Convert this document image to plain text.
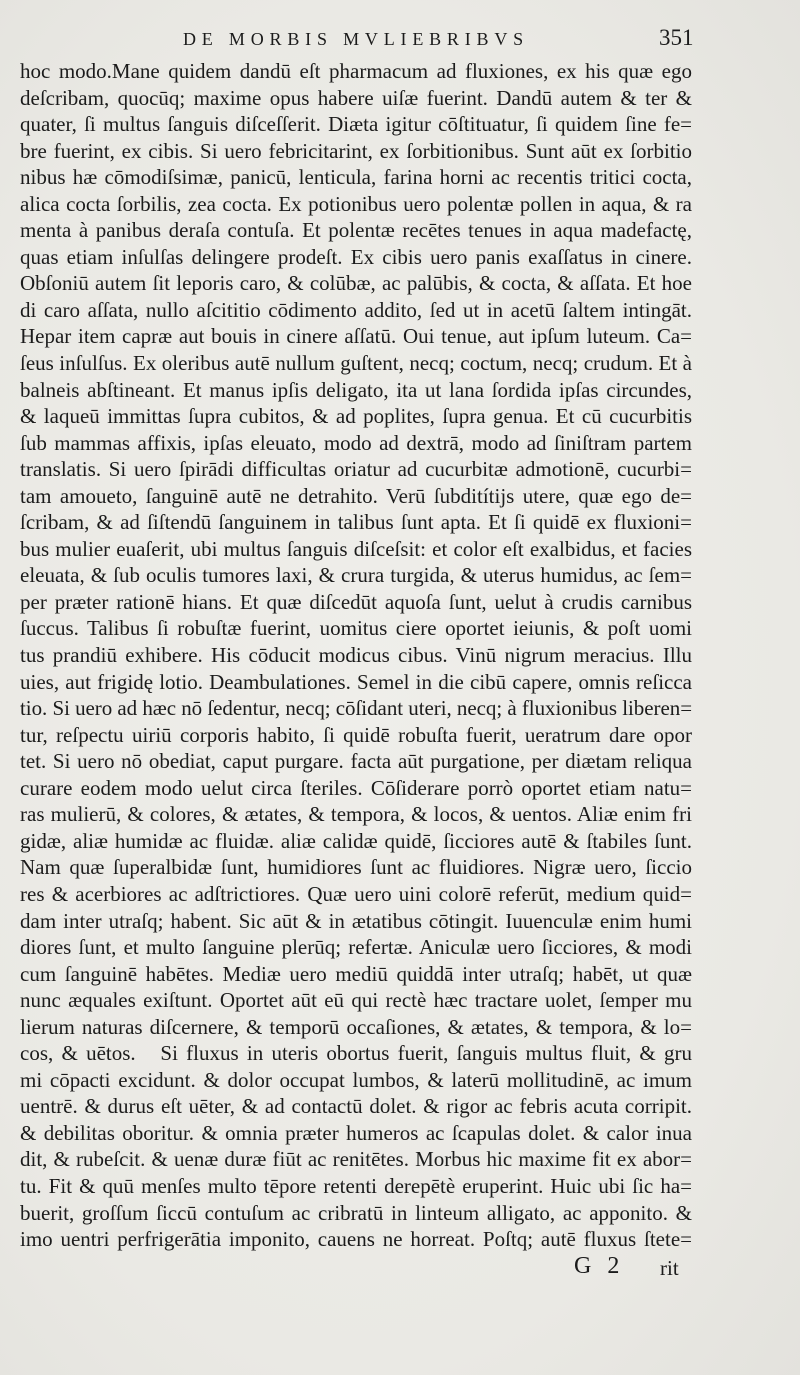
DE MORBIS MVLIEBRIBVS	351
hoc modo.Mane quidem dandū eſt pharmacum ad fluxiones, ex his quæ ego
deſcribam, quocūq; maxime opus habere uiſæ fuerint. Dandū autem & ter &
quater, ſi multus ſanguis diſceſſerit. Diæta igitur cōſtituatur, ſi quidem ſine fe=
bre fuerint, ex cibis. Si uero febricitarint, ex ſorbitionibus. Sunt aūt ex ſorbitio
nibus hæ cōmodiſsimæ, panicū, lenticula, farina horni ac recentis tritici cocta,
alica cocta ſorbilis, zea cocta. Ex potionibus uero polentæ pollen in aqua, & ra
menta à panibus deraſa contuſa. Et polentæ recētes tenues in aqua madefactę,
quas etiam inſulſas delingere prodeſt. Ex cibis uero panis exaſſatus in cinere.
Obſoniū autem ſit leporis caro, & colūbæ, ac palūbis, & cocta, & aſſata. Et hoe
di caro aſſata, nullo aſcititio cōdimento addito, ſed ut in acetū ſaltem intingāt.
Hepar item capræ aut bouis in cinere aſſatū. Oui tenue, aut ipſum luteum. Ca=
ſeus inſulſus. Ex oleribus autē nullum guſtent, necq; coctum, necq; crudum. Et à
balneis abſtineant. Et manus ipſis deligato, ita ut lana ſordida ipſas circundes,
& laqueū immittas ſupra cubitos, & ad poplites, ſupra genua. Et cū cucurbitis
ſub mammas affixis, ipſas eleuato, modo ad dextrā, modo ad ſiniſtram partem
translatis. Si uero ſpirādi difficultas oriatur ad cucurbitæ admotionē, cucurbi=
tam amoueto, ſanguinē autē ne detrahito. Verū ſubditítijs utere, quæ ego de=
ſcribam, & ad ſiſtendū ſanguinem in talibus ſunt apta. Et ſi quidē ex fluxioni=
bus mulier euaſerit, ubi multus ſanguis diſceſsit: et color eſt exalbidus, et facies
eleuata, & ſub oculis tumores laxi, & crura turgida, & uterus humidus, ac ſem=
per præter rationē hians. Et quæ diſcedūt aquoſa ſunt, uelut à crudis carnibus
ſuccus. Talibus ſi robuſtæ fuerint, uomitus ciere oportet ieiunis, & poſt uomi
tus prandiū exhibere. His cōducit modicus cibus. Vinū nigrum meracius. Illu
uies, aut frigidę lotio. Deambulationes. Semel in die cibū capere, omnis reſicca
tio. Si uero ad hæc nō ſedentur, necq; cōſidant uteri, necq; à fluxionibus liberen=
tur, reſpectu uiriū corporis habito, ſi quidē robuſta fuerit, ueratrum dare opor
tet. Si uero nō obediat, caput purgare. facta aūt purgatione, per diætam reliqua
curare eodem modo uelut circa ſteriles. Cōſiderare porrò oportet etiam natu=
ras mulierū, & colores, & ætates, & tempora, & locos, & uentos. Aliæ enim fri
gidæ, aliæ humidæ ac fluidæ. aliæ calidæ quidē, ſicciores autē & ſtabiles ſunt.
Nam quæ ſuperalbidæ ſunt, humidiores ſunt ac fluidiores. Nigræ uero, ſiccio
res & acerbiores ac adſtrictiores. Quæ uero uini colorē referūt, medium quid=
dam inter utraſq; habent. Sic aūt & in ætatibus cōtingit. Iuuenculæ enim humi
diores ſunt, et multo ſanguine plerūq; refertæ. Aniculæ uero ſicciores, & modi
cum ſanguinē habētes. Mediæ uero mediū quiddā inter utraſq; habēt, ut quæ
nunc æquales exiſtunt. Oportet aūt eū qui rectè hæc tractare uolet, ſemper mu
lierum naturas diſcernere, & temporū occaſiones, & ætates, & tempora, & lo=
cos, & uētos.   Si fluxus in uteris obortus fuerit, ſanguis multus fluit, & gru
mi cōpacti excidunt. & dolor occupat lumbos, & laterū mollitudinē, ac imum
uentrē. & durus eſt uēter, & ad contactū dolet. & rigor ac febris acuta corripit.
& debilitas oboritur. & omnia præter humeros ac ſcapulas dolet. & calor inua
dit, & rubeſcit. & uenæ duræ fiūt ac renitētes. Morbus hic maxime fit ex abor=
tu. Fit & quū menſes multo tēpore retenti derepētè eruperint. Huic ubi ſic ha=
buerit, groſſum ſiccū contuſum ac cribratū in linteum alligato, ac apponito. &
imo uentri perfrigerātia imponito, cauens ne horreat. Poſtq; autē fluxus ſtete=
G 2 rit
